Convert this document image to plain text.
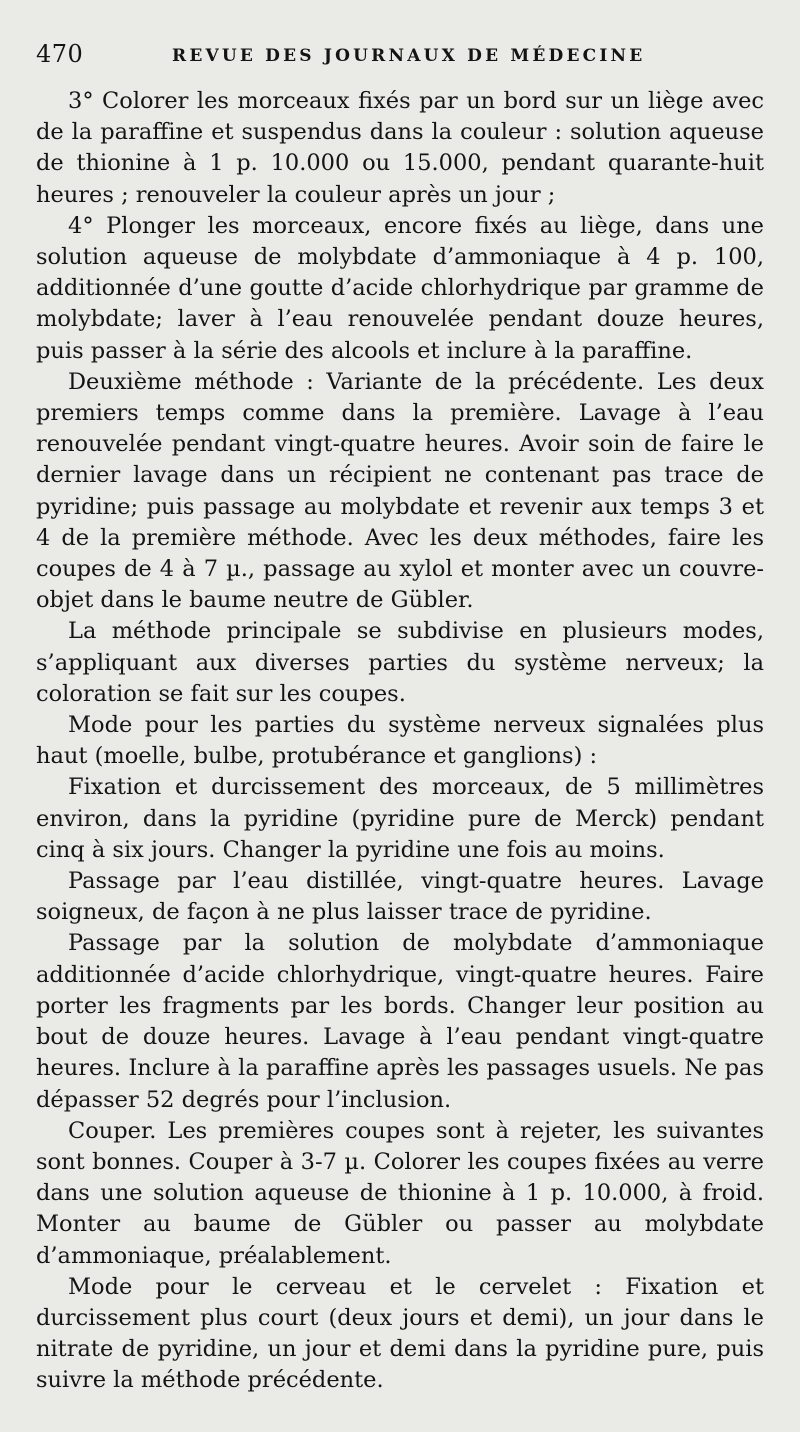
470	REVUE DES JOURNAUX DE MÉDECINE

3° Colorer les morceaux fixés par un bord sur un liège avec de la paraffine et suspendus dans la couleur : solution aqueuse de thionine à 1 p. 10.000 ou 15.000, pendant quarante-huit heures ; renouveler la couleur après un jour ;

4° Plonger les morceaux, encore fixés au liège, dans une solution aqueuse de molybdate d’ammoniaque à 4 p. 100, additionnée d’une goutte d’acide chlorhydrique par gramme de molybdate; laver à l’eau renouvelée pendant douze heures, puis passer à la série des alcools et inclure à la paraffine.

Deuxième méthode : Variante de la précédente. Les deux premiers temps comme dans la première. Lavage à l’eau renouvelée pendant vingt-quatre heures. Avoir soin de faire le dernier lavage dans un récipient ne contenant pas trace de pyridine; puis passage au molybdate et revenir aux temps 3 et 4 de la première méthode. Avec les deux méthodes, faire les coupes de 4 à 7 µ., passage au xylol et monter avec un couvre-objet dans le baume neutre de Gübler.

La méthode principale se subdivise en plusieurs modes, s’appliquant aux diverses parties du système nerveux; la coloration se fait sur les coupes.

Mode pour les parties du système nerveux signalées plus haut (moelle, bulbe, protubérance et ganglions) :

Fixation et durcissement des morceaux, de 5 millimètres environ, dans la pyridine (pyridine pure de Merck) pendant cinq à six jours. Changer la pyridine une fois au moins.

Passage par l’eau distillée, vingt-quatre heures. Lavage soigneux, de façon à ne plus laisser trace de pyridine.

Passage par la solution de molybdate d’ammoniaque additionnée d’acide chlorhydrique, vingt-quatre heures. Faire porter les fragments par les bords. Changer leur position au bout de douze heures. Lavage à l’eau pendant vingt-quatre heures. Inclure à la paraffine après les passages usuels. Ne pas dépasser 52 degrés pour l’inclusion.

Couper. Les premières coupes sont à rejeter, les suivantes sont bonnes. Couper à 3-7 µ. Colorer les coupes fixées au verre dans une solution aqueuse de thionine à 1 p. 10.000, à froid. Monter au baume de Gübler ou passer au molybdate d’ammoniaque, préalablement.

Mode pour le cerveau et le cervelet : Fixation et durcissement plus court (deux jours et demi), un jour dans le nitrate de pyridine, un jour et demi dans la pyridine pure, puis suivre la méthode précédente.
